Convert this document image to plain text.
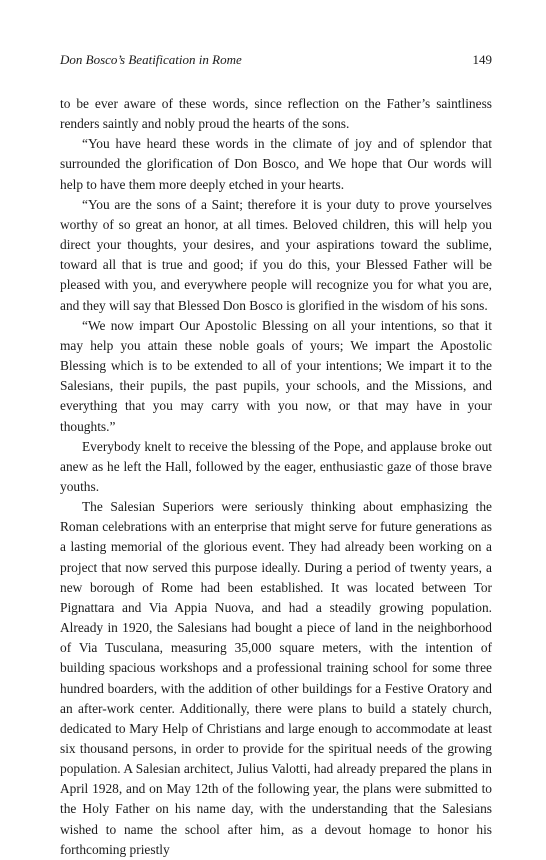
Don Bosco’s Beatification in Rome	149

to be ever aware of these words, since reflection on the Father’s saintliness renders saintly and nobly proud the hearts of the sons.

“You have heard these words in the climate of joy and of splendor that surrounded the glorification of Don Bosco, and We hope that Our words will help to have them more deeply etched in your hearts.

“You are the sons of a Saint; therefore it is your duty to prove yourselves worthy of so great an honor, at all times. Beloved children, this will help you direct your thoughts, your desires, and your aspirations toward the sublime, toward all that is true and good; if you do this, your Blessed Father will be pleased with you, and everywhere people will recognize you for what you are, and they will say that Blessed Don Bosco is glorified in the wisdom of his sons.

“We now impart Our Apostolic Blessing on all your intentions, so that it may help you attain these noble goals of yours; We impart the Apostolic Blessing which is to be extended to all of your intentions; We impart it to the Salesians, their pupils, the past pupils, your schools, and the Missions, and everything that you may carry with you now, or that may have in your thoughts.”

Everybody knelt to receive the blessing of the Pope, and applause broke out anew as he left the Hall, followed by the eager, enthusiastic gaze of those brave youths.

The Salesian Superiors were seriously thinking about emphasizing the Roman celebrations with an enterprise that might serve for future generations as a lasting memorial of the glorious event. They had already been working on a project that now served this purpose ideally. During a period of twenty years, a new borough of Rome had been established. It was located between Tor Pignattara and Via Appia Nuova, and had a steadily growing population. Already in 1920, the Salesians had bought a piece of land in the neighborhood of Via Tusculana, measuring 35,000 square meters, with the intention of building spacious workshops and a professional training school for some three hundred boarders, with the addition of other buildings for a Festive Oratory and an after-work center. Additionally, there were plans to build a stately church, dedicated to Mary Help of Christians and large enough to accommodate at least six thousand persons, in order to provide for the spiritual needs of the growing population. A Salesian architect, Julius Valotti, had already prepared the plans in April 1928, and on May 12th of the following year, the plans were submitted to the Holy Father on his name day, with the understanding that the Salesians wished to name the school after him, as a devout homage to honor his forthcoming priestly
